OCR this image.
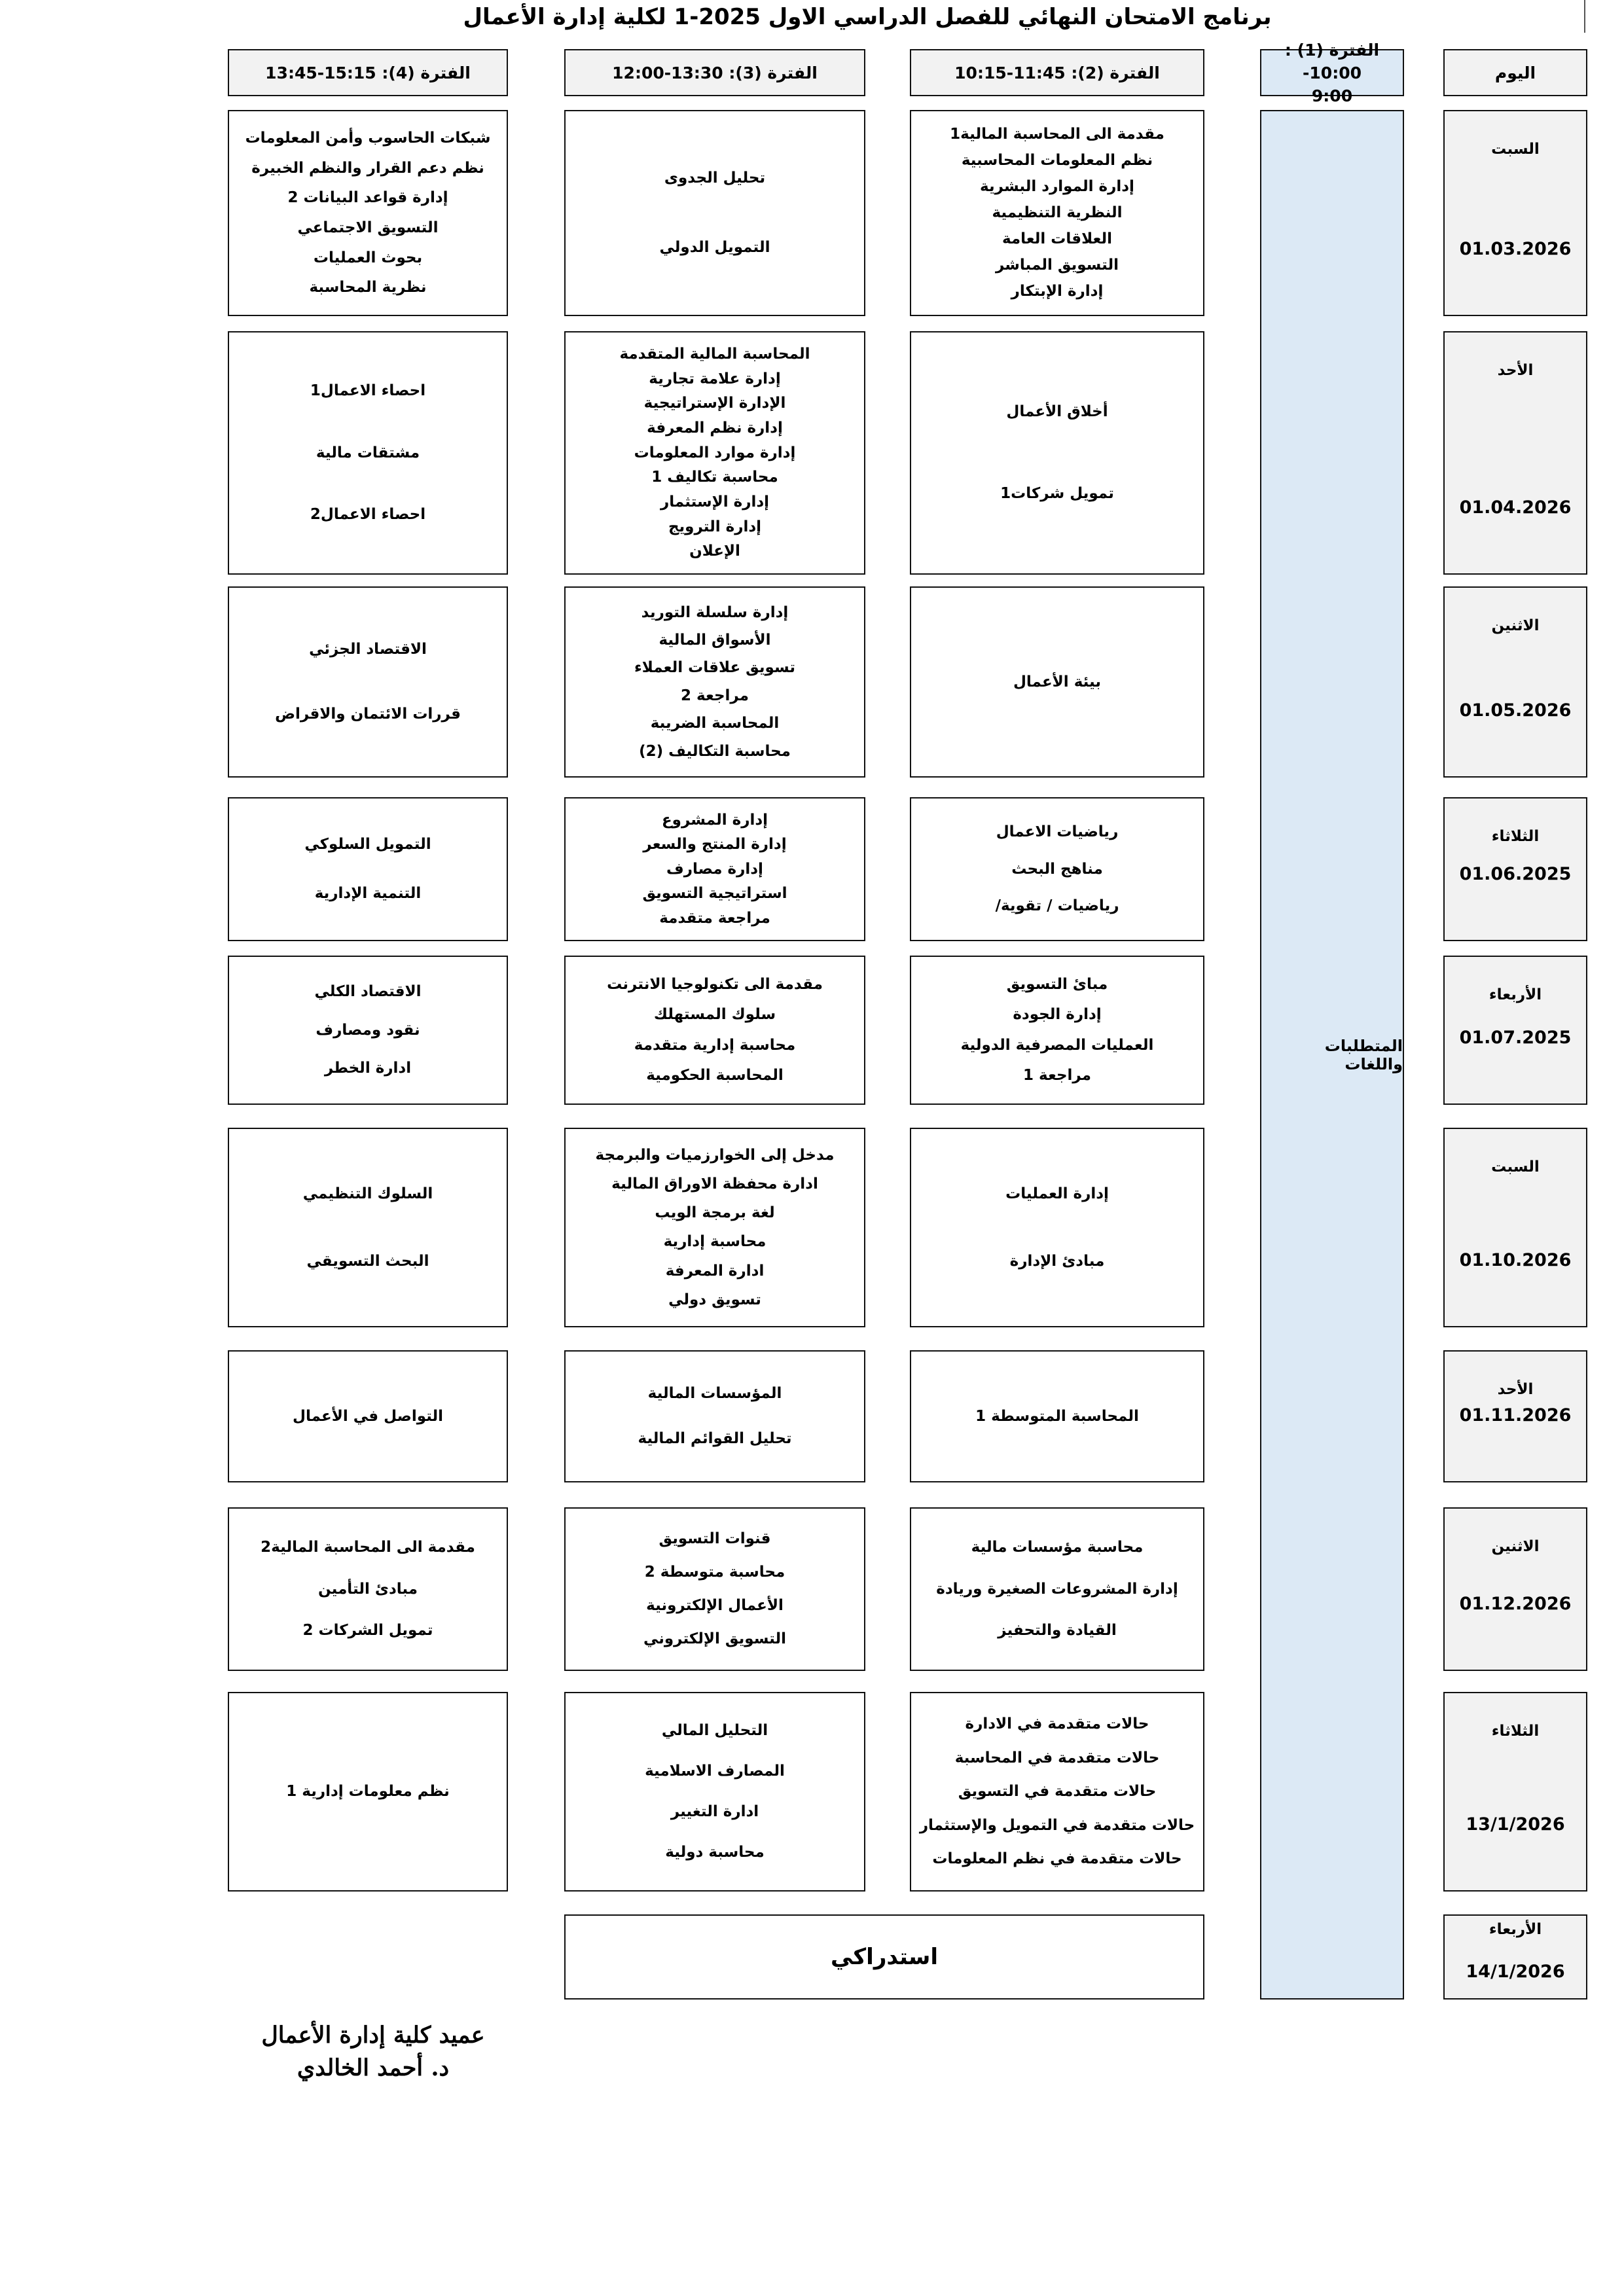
برنامج الامتحان النهائي للفصل الدراسي الاول 2025-1 لكلية إدارة الأعمال
اليوم
الفترة (1) : 10:00-9:00
الفترة (2): 11:45-10:15
الفترة (3): 13:30-12:00
الفترة (4): 15:15-13:45
المتطلبات واللغات
السبت
01.03.2026
مقدمة الى المحاسبة المالية1
نظم المعلومات المحاسبية
إدارة الموارد البشرية
النظرية التنظيمية
العلاقات العامة
التسويق المباشر
إدارة الإبتكار
تحليل الجدوى
التمويل الدولي
شبكات الحاسوب وأمن المعلومات
نظم دعم القرار والنظم الخبيرة
إدارة قواعد البيانات 2
التسويق الاجتماعي
بحوث العمليات
نظرية المحاسبة
الأحد
01.04.2026
أخلاق الأعمال
تمويل شركات1
المحاسبة المالية المتقدمة
إدارة علامة تجارية
الإدارة الإستراتيجية
إدارة نظم المعرفة
إدارة موارد المعلومات
محاسبة تكاليف 1
إدارة الإستثمار
إدارة الترويج
الإعلان
احصاء الاعمال1
مشتقات مالية
احصاء الاعمال2
الاثنين
01.05.2026
بيئة الأعمال
إدارة سلسلة التوريد
الأسواق المالية
تسويق علاقات العملاء
مراجعة 2
المحاسبة الضريبة
محاسبة التكاليف (2)
الاقتصاد الجزئي
قررات الائتمان والاقراض
الثلاثاء
01.06.2025
رياضيات الاعمال
مناهج البحث
رياضيات / تقوية/
إدارة المشروع
إدارة المنتج والسعر
إدارة مصارف
استراتيجية التسويق
مراجعة متقدمة
التمويل السلوكي
التنمية الإدارية
الأربعاء
01.07.2025
مباىٔ التسويق
إدارة الجودة
العمليات المصرفية الدولية
مراجعة 1
مقدمة الى تكنولوجيا الانترنت
سلوك المستهلك
محاسبة إدارية متقدمة
المحاسبة الحكومية
الاقتصاد الكلي
نقود ومصارف
ادارة الخطر
السبت
01.10.2026
إدارة العمليات
مبادئ الإدارة
مدخل إلى الخوارزميات والبرمجة
ادارة محفظة الاوراق المالية
لغة برمجة الويب
محاسبة إدارية
ادارة المعرفة
تسويق دولي
السلوك التنظيمي
البحث التسويقي
الأحد
01.11.2026
المحاسبة المتوسطة 1
المؤسسات المالية
تحليل القوائم المالية
التواصل في الأعمال
الاثنين
01.12.2026
محاسبة مؤسسات مالية
إدارة المشروعات الصغيرة وريادة
القيادة والتحفيز
قنوات التسويق
محاسبة متوسطة 2
الأعمال الإلكترونية
التسويق الإلكتروني
مقدمة الى المحاسبة المالية2
مبادئ التأمين
تمويل الشركات 2
الثلاثاء
13/1/2026
حالات متقدمة في الادارة
حالات متقدمة في المحاسبة
حالات متقدمة في التسويق
حالات متقدمة في التمويل والإستثمار
حالات متقدمة في نظم المعلومات
التحليل المالي
المصارف الاسلامية
ادارة التغيير
محاسبة دولية
نظم معلومات إدارية 1
الأربعاء
14/1/2026
استدراكي
عميد كلية إدارة الأعمال
د. أحمد الخالدي
